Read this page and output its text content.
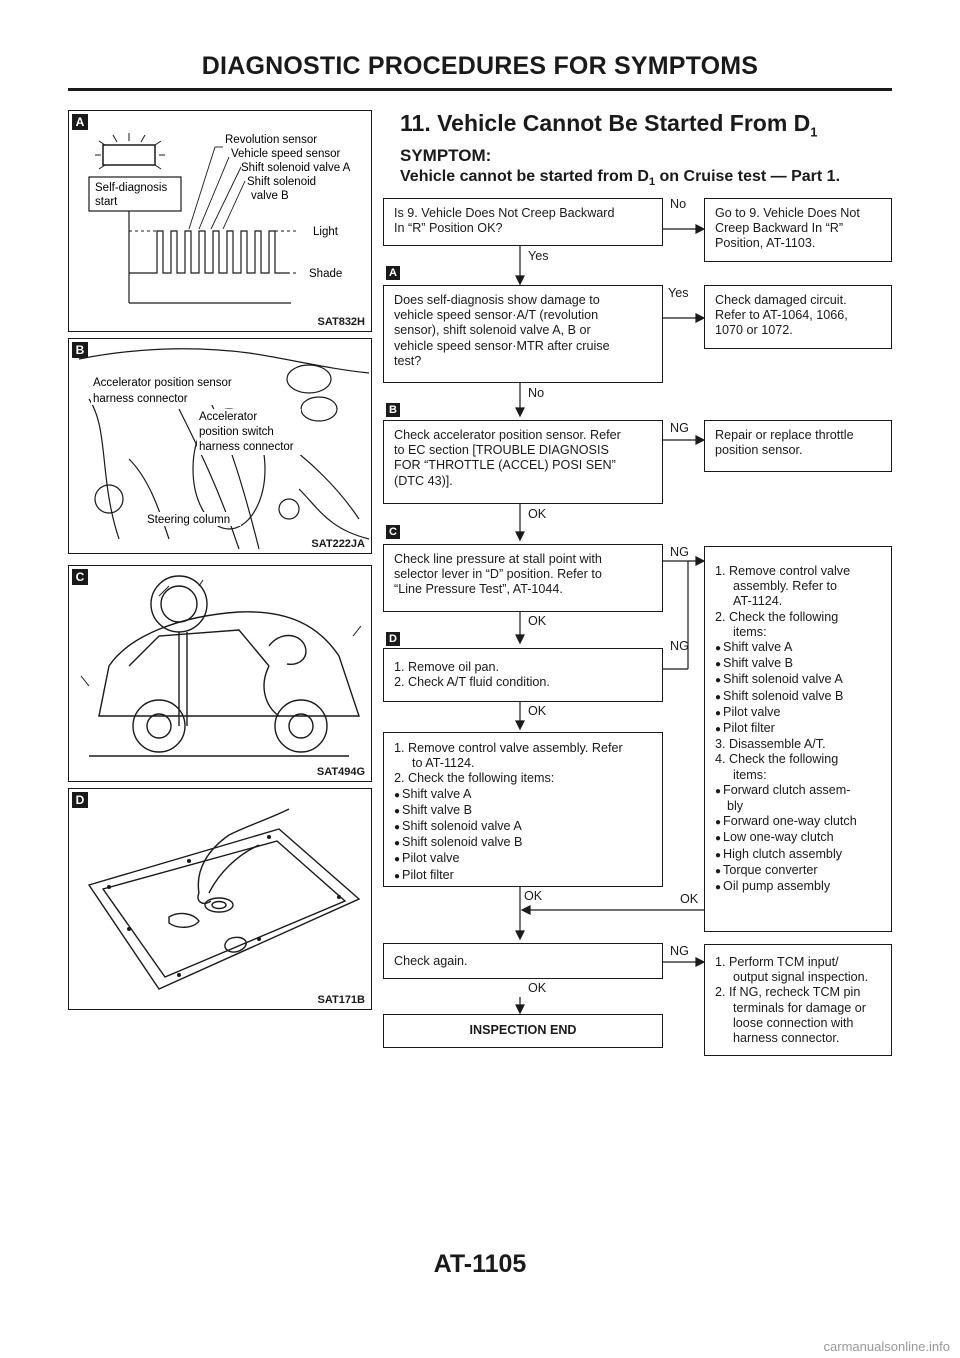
DIAGNOSTIC PROCEDURES FOR SYMPTOMS
A
Self-diagnosis
start
Revolution sensor
Vehicle speed sensor
Shift solenoid valve A
Shift solenoid
valve B
Light
Shade
SAT832H
B
Accelerator position sensor
harness connector
Accelerator
position switch
harness connector
Steering column
SAT222JA
C
SAT494G
D
SAT171B
11. Vehicle Cannot Be Started From $D_1$
SYMPTOM:
Vehicle cannot be started from $D_1$ on Cruise test — Part 1.
Is 9. Vehicle Does Not Creep Backward
In “R” Position OK?
Yes
No
Go to 9. Vehicle Does Not
Creep Backward In “R”
Position, AT-1103.
A
Does self-diagnosis show damage to
vehicle speed sensor·A/T (revolution
sensor), shift solenoid valve A, B or
vehicle speed sensor·MTR after cruise
test?
Yes
No
Check damaged circuit.
Refer to AT-1064, 1066,
1070 or 1072.
B
Check accelerator position sensor. Refer
to EC section [TROUBLE DIAGNOSIS
FOR “THROTTLE (ACCEL) POSI SEN”
(DTC 43)].
NG
OK
Repair or replace throttle
position sensor.
C
Check line pressure at stall point with
selector lever in “D” position. Refer to
“Line Pressure Test”, AT-1044.
NG
OK
D
1. Remove oil pan.
2. Check A/T fluid condition.
NG
OK
1. Remove control valve
assembly. Refer to
AT-1124.
2. Check the following
items:
● Shift valve A
● Shift valve B
● Shift solenoid valve A
● Shift solenoid valve B
● Pilot valve
● Pilot filter
3. Disassemble A/T.
4. Check the following
items:
● Forward clutch assem-
bly
● Forward one-way clutch
● Low one-way clutch
● High clutch assembly
● Torque converter
● Oil pump assembly
OK
1. Remove control valve assembly. Refer
to AT-1124.
2. Check the following items:
● Shift valve A
● Shift valve B
● Shift solenoid valve A
● Shift solenoid valve B
● Pilot valve
● Pilot filter
OK
Check again.
NG
OK
1. Perform TCM input/
output signal inspection.
2. If NG, recheck TCM pin
terminals for damage or
loose connection with
harness connector.
INSPECTION END
AT-1105
carmanualsonline.info
